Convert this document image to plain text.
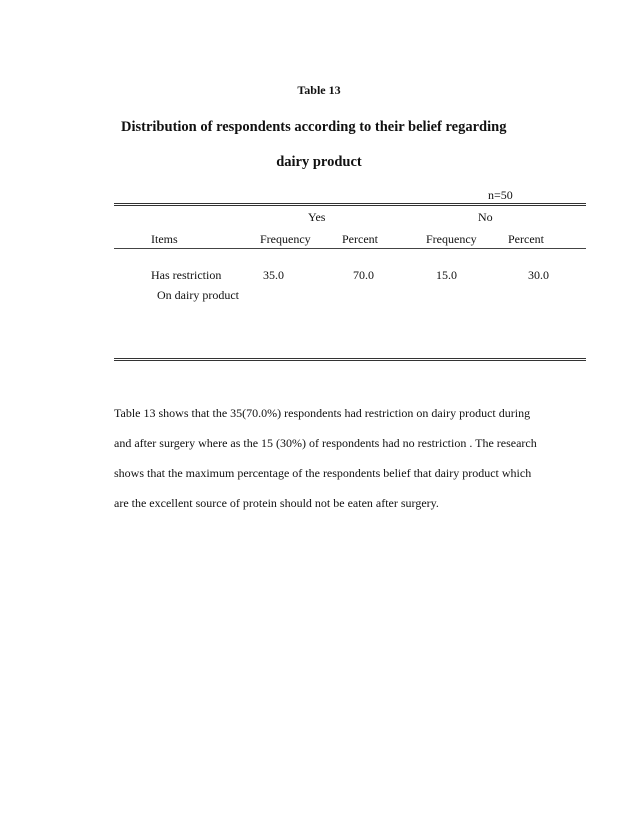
Table 13
Distribution of respondents according to their belief regarding
dairy product
n=50
Yes	No
Items	Frequency	Percent	Frequency	Percent
Has restriction
On dairy product
35.0	70.0	15.0	30.0

Table 13 shows that the 35(70.0%) respondents had restriction on dairy product during

and after surgery where as the 15 (30%) of respondents had no restriction . The research

shows that the maximum percentage of the respondents belief that dairy product which

are the excellent source of protein should not be eaten after surgery.
